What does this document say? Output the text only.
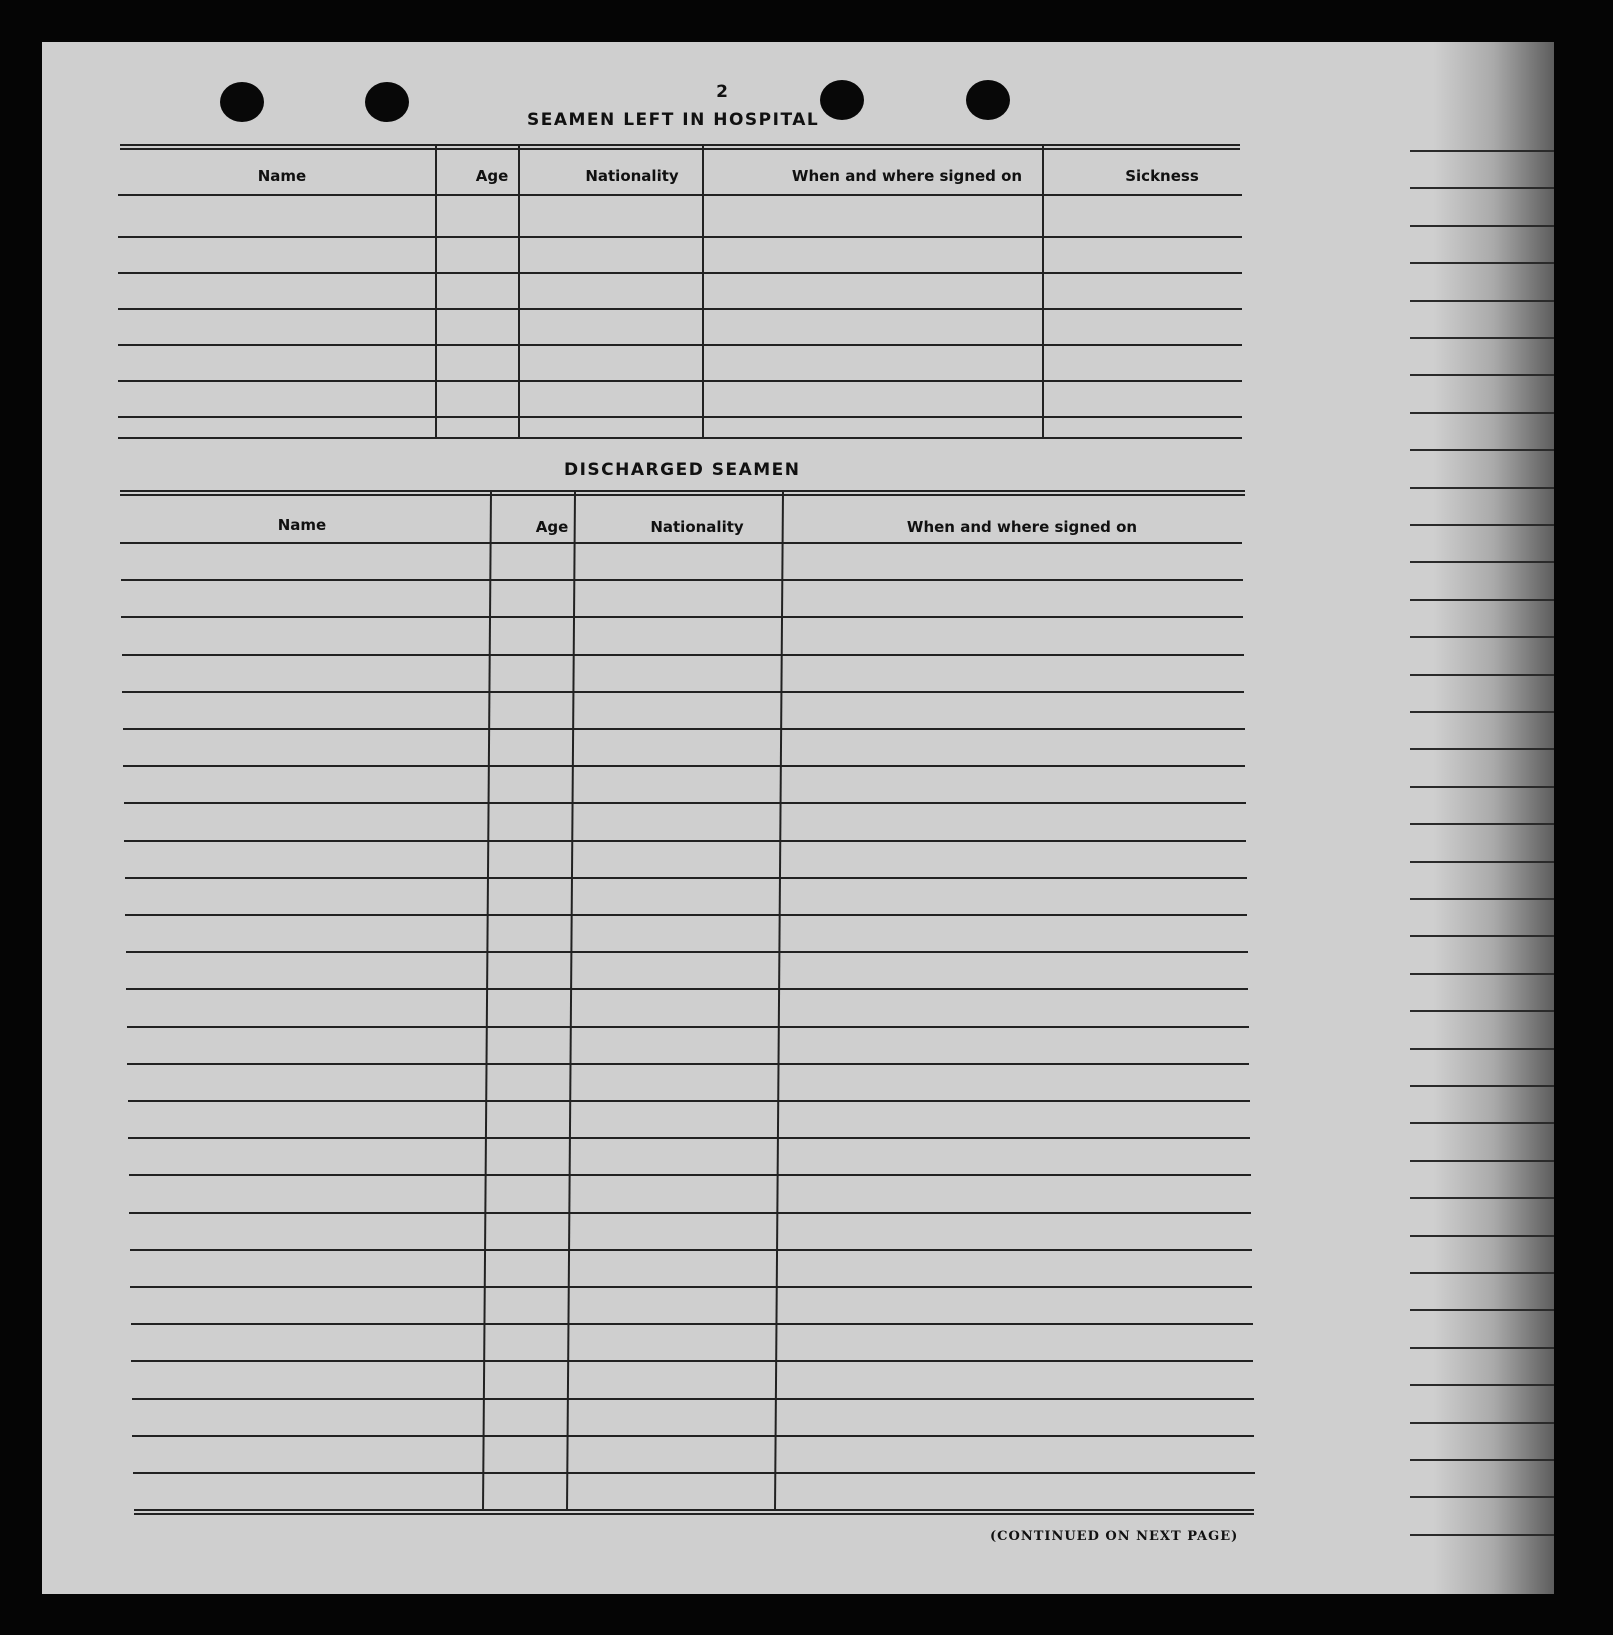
2
SEAMEN LEFT IN HOSPITAL
Name	Age	Nationality	When and where signed on	Sickness
DISCHARGED SEAMEN
Name	Age	Nationality	When and where signed on
(CONTINUED ON NEXT PAGE)
